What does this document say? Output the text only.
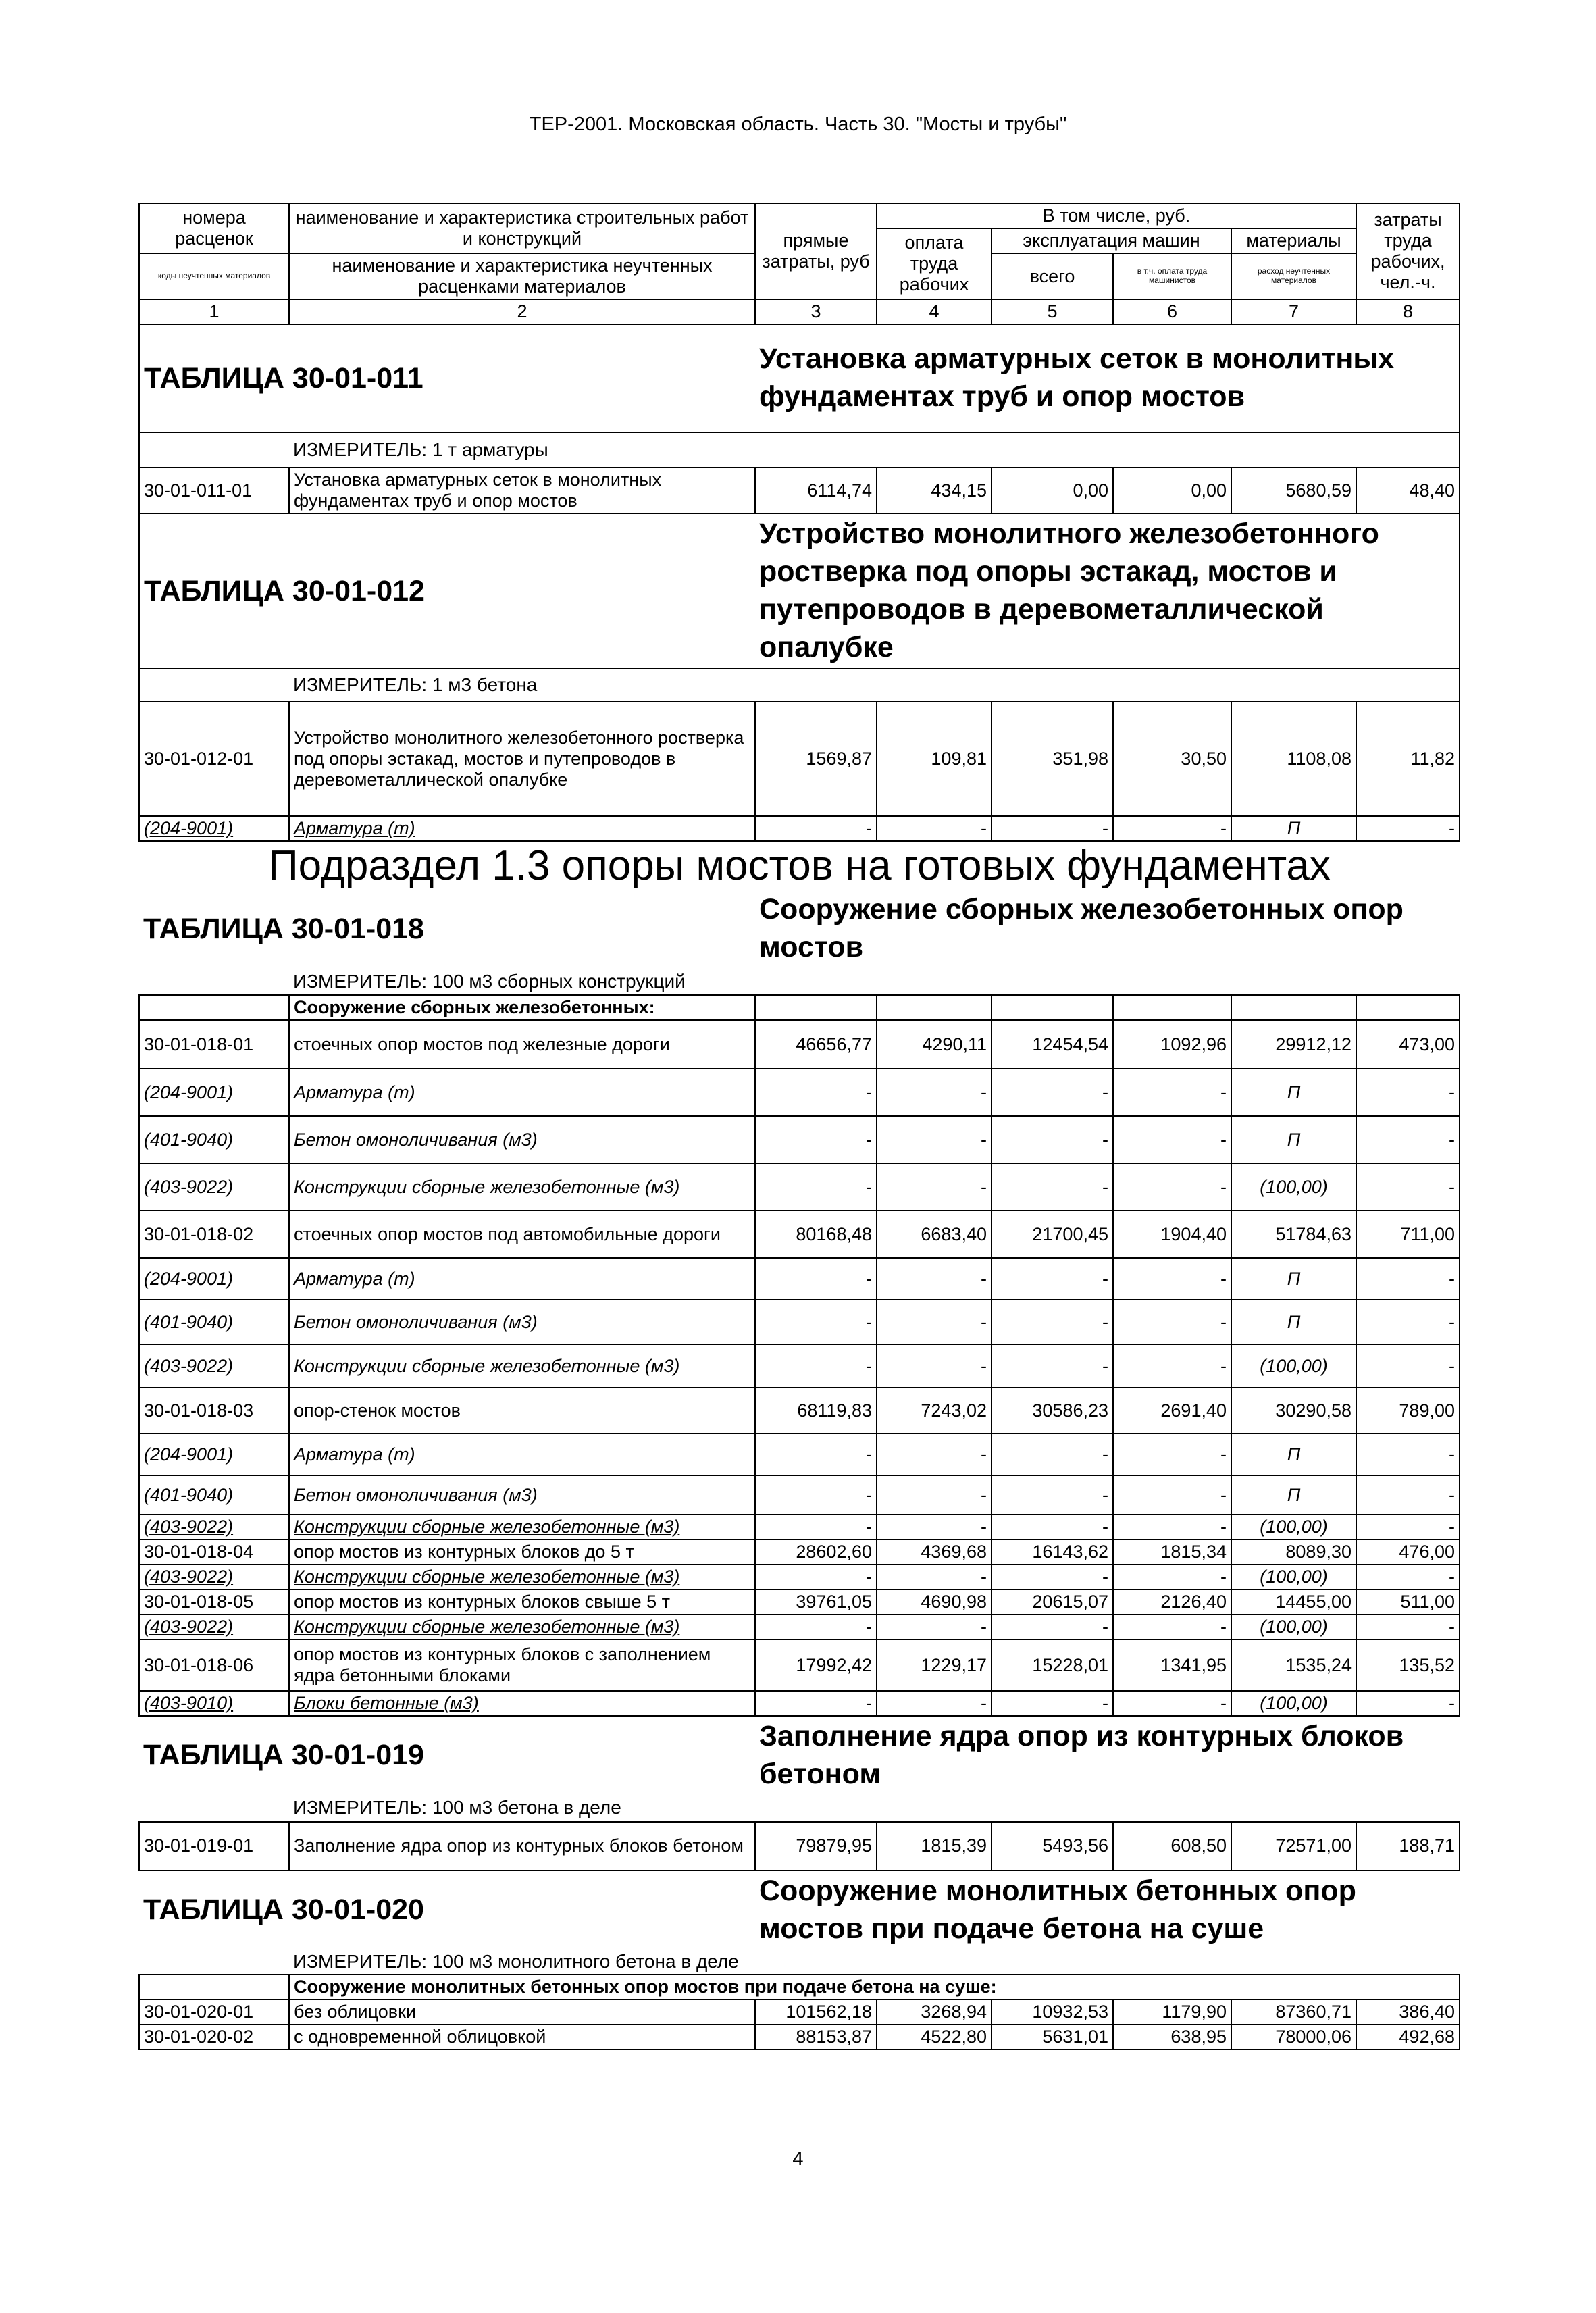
ТЕР-2001. Московская область. Часть 30. "Мосты и трубы"
номера расценок	наименование и характеристика строительных работ и конструкций	прямые затраты, руб	В том числе, руб.				затраты труда рабочих, чел.-ч.
			оплата труда рабочих	эксплуатация машин		материалы	
коды неучтенных материалов	наименование и характеристика неучтенных расценками материалов			всего	в т.ч. оплата труда машинистов	расход неучтенных материалов	

1	2	3	4	5	6	7	8
ТАБЛИЦА 30-01-011		Установка арматурных сеток в монолитных фундаментах труб и опор мостов					
	ИЗМЕРИТЕЛЬ: 1 т арматуры						
30-01-011-01	Установка арматурных сеток в монолитных фундаментах труб и опор мостов	6114,74	434,15	0,00	0,00	5680,59	48,40
ТАБЛИЦА 30-01-012		Устройство монолитного железобетонного ростверка под опоры эстакад, мостов и путепроводов в деревометаллической опалубке					
	ИЗМЕРИТЕЛЬ: 1 м3 бетона						
30-01-012-01	Устройство монолитного железобетонного ростверка под опоры эстакад, мостов и путепроводов в деревометаллической опалубке	1569,87	109,81	351,98	30,50	1108,08	11,82
(204-9001)	Арматура (т)	-	-	-	-	П	-
Подраздел 1.3 опоры мостов на готовых фундаментах							
ТАБЛИЦА 30-01-018		Сооружение сборных железобетонных опор мостов					
	ИЗМЕРИТЕЛЬ: 100 м3 сборных конструкций						
	Сооружение сборных железобетонных:						
30-01-018-01	стоечных опор мостов под железные дороги	46656,77	4290,11	12454,54	1092,96	29912,12	473,00
(204-9001)	Арматура (т)	-	-	-	-	П	-
(401-9040)	Бетон омоноличивания (м3)	-	-	-	-	П	-
(403-9022)	Конструкции сборные железобетонные (м3)	-	-	-	-	(100,00)	-
30-01-018-02	стоечных опор мостов под автомобильные дороги	80168,48	6683,40	21700,45	1904,40	51784,63	711,00
(204-9001)	Арматура (т)	-	-	-	-	П	-
(401-9040)	Бетон омоноличивания (м3)	-	-	-	-	П	-
(403-9022)	Конструкции сборные железобетонные (м3)	-	-	-	-	(100,00)	-
30-01-018-03	опор-стенок мостов	68119,83	7243,02	30586,23	2691,40	30290,58	789,00
(204-9001)	Арматура (т)	-	-	-	-	П	-
(401-9040)	Бетон омоноличивания (м3)	-	-	-	-	П	-
(403-9022)	Конструкции сборные железобетонные (м3)	-	-	-	-	(100,00)	-
30-01-018-04	опор мостов из контурных блоков до 5 т	28602,60	4369,68	16143,62	1815,34	8089,30	476,00
(403-9022)	Конструкции сборные железобетонные (м3)	-	-	-	-	(100,00)	-
30-01-018-05	опор мостов из контурных блоков свыше 5 т	39761,05	4690,98	20615,07	2126,40	14455,00	511,00
(403-9022)	Конструкции сборные железобетонные (м3)	-	-	-	-	(100,00)	-
30-01-018-06	опор мостов из контурных блоков с заполнением ядра бетонными блоками	17992,42	1229,17	15228,01	1341,95	1535,24	135,52
(403-9010)	Блоки бетонные (м3)	-	-	-	-	(100,00)	-
ТАБЛИЦА 30-01-019		Заполнение ядра опор из контурных блоков бетоном					
	ИЗМЕРИТЕЛЬ: 100 м3 бетона в деле						
30-01-019-01	Заполнение ядра опор из контурных блоков бетоном	79879,95	1815,39	5493,56	608,50	72571,00	188,71
ТАБЛИЦА 30-01-020		Сооружение монолитных бетонных опор мостов при подаче бетона на суше					
	ИЗМЕРИТЕЛЬ: 100 м3 монолитного бетона в деле						
	Сооружение монолитных бетонных опор мостов при подаче бетона на суше:						
30-01-020-01	без облицовки	101562,18	3268,94	10932,53	1179,90	87360,71	386,40
30-01-020-02	с одновременной облицовкой	88153,87	4522,80	5631,01	638,95	78000,06	492,68
4
